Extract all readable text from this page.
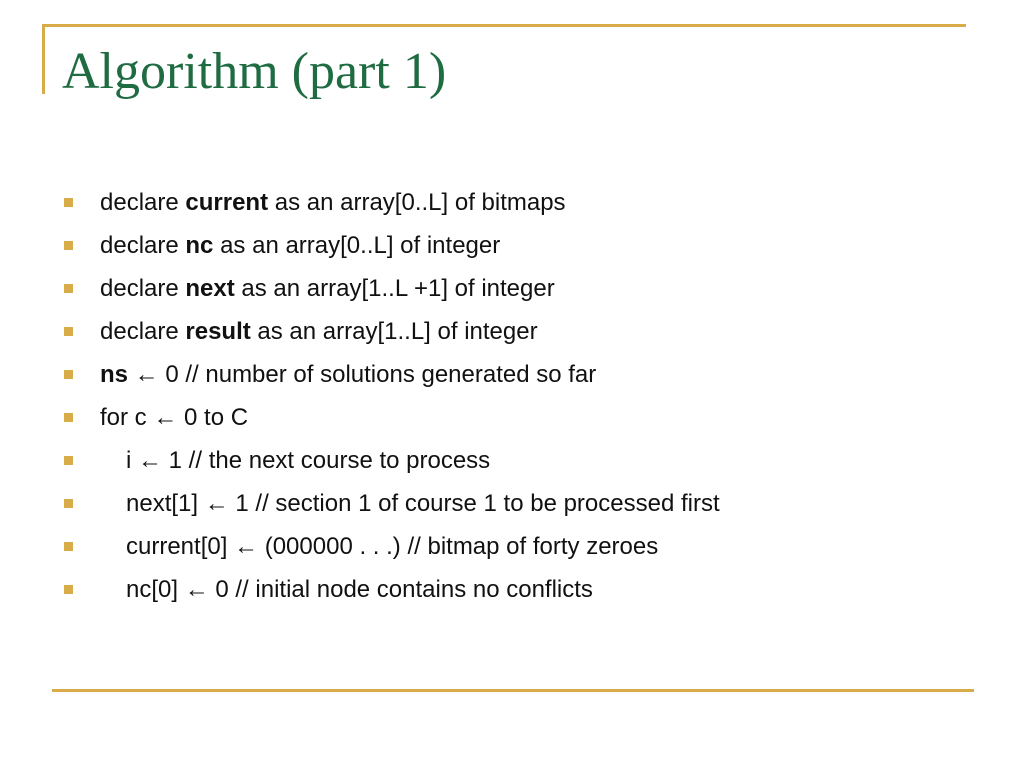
Algorithm (part 1)
declare current as an array[0..L] of bitmaps
declare nc as an array[0..L] of integer
declare next as an array[1..L +1] of integer
declare result as an array[1..L] of integer
ns ← 0 // number of solutions generated so far
for c ← 0 to C
i ← 1 // the next course to process
next[1] ← 1 // section 1 of course 1 to be processed first
current[0] ← (000000 . . .) // bitmap of forty zeroes
nc[0] ← 0 // initial node contains no conflicts
